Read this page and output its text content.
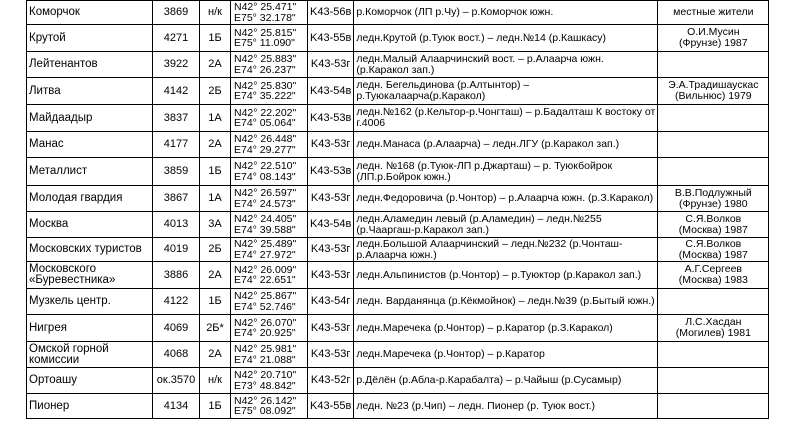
Коморчок	3869	н/к	N42° 25.471"
E75° 32.178"	K43-56в	р.Коморчок (ЛП р.Чу) – р.Коморчок южн.	местные жители

Крутой	4271	1Б	N42° 25.815"
E75° 11.090"	K43-55в	ледн.Крутой (р.Туюк вост.) – ледн.№14 (р.Кашкасу)	О.И.Мусин
(Фрунзе) 1987

Лейтенантов	3922	2А	N42° 25.883"
E74° 26.237"	K43-53г	ледн.Малый Алаарчинский вост. – р.Алаарча южн. (р.Каракол зап.)	

Литва	4142	2Б	N42° 25.830"
E74° 35.222"	K43-54в	ледн. Бегельдинова (р.Алтынтор) – р.Туюкалаарча(р.Каракол)	Э.А.Традишаускас
(Вильнюс) 1979

Майдаадыр	3837	1А	N42° 22.202"
E74° 05.064"	K43-53в	ледн.№162 (р.Кельтор-р.Чонгташ) – р.Бадалташ К востоку от г.4006	

Манас	4177	2А	N42° 26.448"
E74° 29.277"	K43-53г	ледн.Манаса (р.Алаарча) – ледн.ЛГУ (р.Каракол зап.)	

Металлист	3859	1Б	N42° 22.510"
E74° 08.143"	K43-53в	ледн. №168 (р.Туюк-ЛП р.Джарташ) – р. Туюкбойрок (ЛП.р.Бойрок южн.)	

Молодая гвардия	3867	1А	N42° 26.597"
E74° 24.573"	K43-53г	ледн.Федоровича (р.Чонтор) – р.Алаарча южн. (р.З.Каракол)	В.В.Подлужный
(Фрунзе) 1980

Москва	4013	3А	N42° 24.405"
E74° 39.588"	K43-54в	ледн.Аламедин левый (р.Аламедин) – ледн.№255 (р.Чааргаш-р.Каракол зап.)	С.Я.Волков
(Москва) 1987

Московских туристов	4019	2Б	N42° 25.489"
E74° 27.972"	K43-53г	ледн.Большой Алаарчинский – ледн.№232 (р.Чонташ- р.Алаарча южн.)	С.Я.Волков
(Москва) 1987

Московского «Буревестника»	3886	2А	N42° 26.009"
E74° 22.651"	K43-53г	ледн.Альпинистов (р.Чонтор) – р.Туюктор (р.Каракол зап.)	А.Г.Сергеев
(Москва) 1983

Музкель центр.	4122	1Б	N42° 25.867"
E74° 52.746"	K43-54г	ледн. Варданянца (р.Кёкмойнок) – ледн.№39 (р.Бытый южн.)	

Нигрея	4069	2Б*	N42° 26.070"
E74° 20.925"	K43-53г	ледн.Маречека (р.Чонтор) – р.Каратор (р.З.Каракол)	Л.С.Хасдан
(Могилев) 1981

Омской горной комиссии	4068	2А	N42° 25.981"
E74° 21.088"	K43-53г	ледн.Маречека (р.Чонтор) – р.Каратор	

Ортоашу	ок.3570	н/к	N42° 20.710"
E73° 48.842"	K43-52г	р.Дёлён (р.Абла-р.Карабалта) – р.Чайыш (р.Сусамыр)	

Пионер	4134	1Б	N42° 26.142"
E75° 08.092"	K43-55в	ледн. №23 (р.Чип) – ледн. Пионер (р. Туюк вост.)	
